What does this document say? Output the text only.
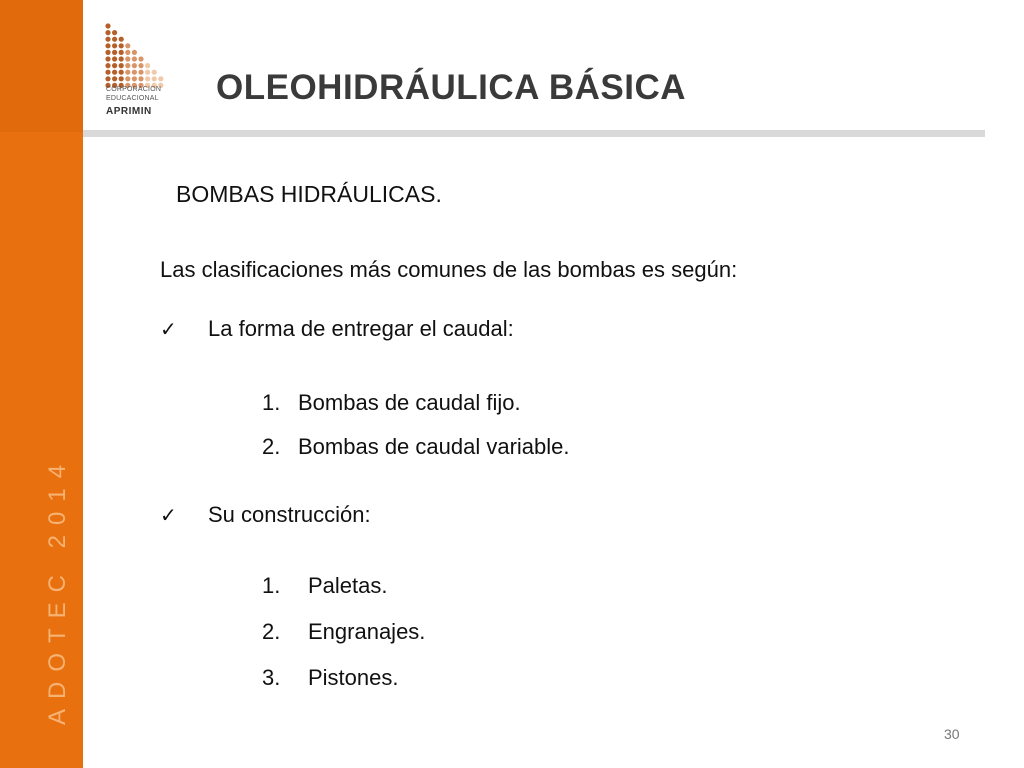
ADOTEC 2014
CORPORACION
EDUCACIONAL
APRIMIN
OLEOHIDRÁULICA BÁSICA
BOMBAS HIDRÁULICAS.
Las clasificaciones más comunes de las bombas es según:
✓ La forma de entregar el caudal:
1. Bombas de caudal fijo.
2. Bombas de caudal variable.
✓ Su construcción:
1. Paletas.
2. Engranajes.
3. Pistones.
30
